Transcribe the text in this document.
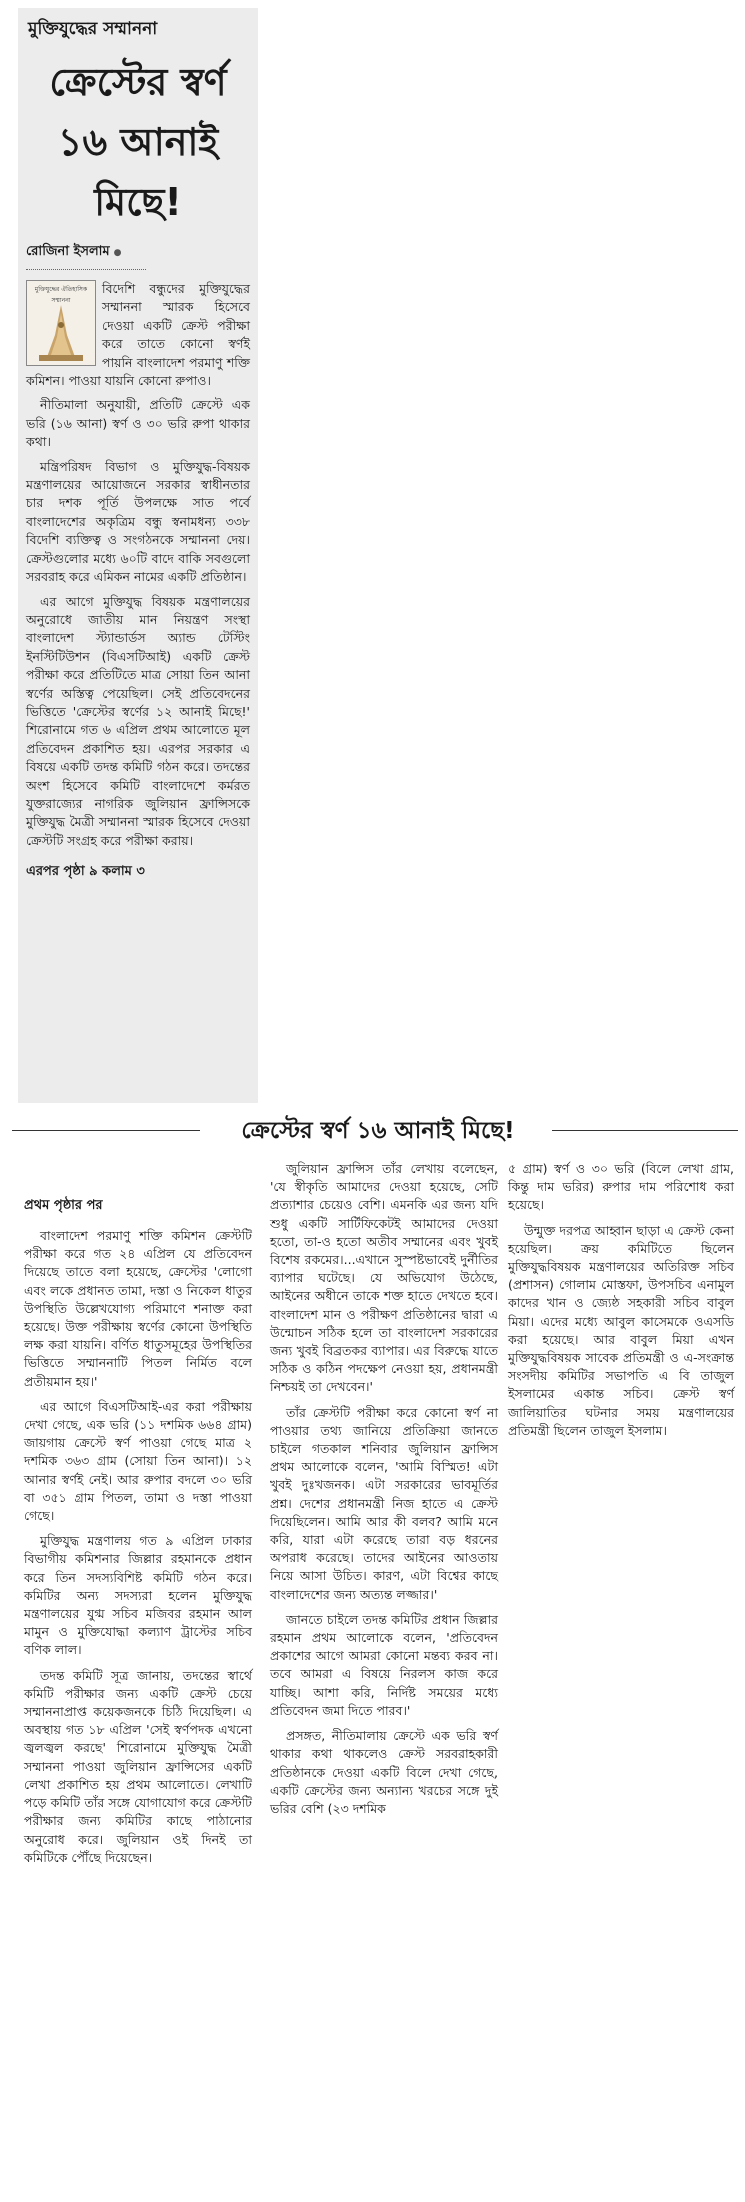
মুক্তিযুদ্ধের সম্মাননা
ক্রেস্টের স্বর্ণ
১৬ আনাই
মিছে!
রোজিনা ইসলাম ●
মুক্তিযুদ্ধের ঐতিহাসিক সম্মাননা

বিদেশি বন্ধুদের মুক্তিযুদ্ধের সম্মাননা স্মারক হিসেবে দেওয়া একটি ক্রেস্ট পরীক্ষা করে তাতে কোনো স্বর্ণই পায়নি বাংলাদেশ পরমাণু শক্তি কমিশন। পাওয়া যায়নি কোনো রুপাও।

নীতিমালা অনুযায়ী, প্রতিটি ক্রেস্টে এক ভরি (১৬ আনা) স্বর্ণ ও ৩০ ভরি রুপা থাকার কথা।

মন্ত্রিপরিষদ বিভাগ ও মুক্তিযুদ্ধ-বিষয়ক মন্ত্রণালয়ের আয়োজনে সরকার স্বাধীনতার চার দশক পূর্তি উপলক্ষে সাত পর্বে বাংলাদেশের অকৃত্রিম বন্ধু স্বনামধন্য ৩৩৮ বিদেশি ব্যক্তিত্ব ও সংগঠনকে সম্মাননা দেয়। ক্রেস্টগুলোর মধ্যে ৬০টি বাদে বাকি সবগুলো সরবরাহ করে এমিকন নামের একটি প্রতিষ্ঠান।

এর আগে মুক্তিযুদ্ধ বিষয়ক মন্ত্রণালয়ের অনুরোধে জাতীয় মান নিয়ন্ত্রণ সংস্থা বাংলাদেশ স্ট্যান্ডার্ডস অ্যান্ড টেস্টিং ইনস্টিটিউশন (বিএসটিআই) একটি ক্রেস্ট পরীক্ষা করে প্রতিটিতে মাত্র সোয়া তিন আনা স্বর্ণের অস্তিত্ব পেয়েছিল। সেই প্রতিবেদনের ভিত্তিতে 'ক্রেস্টের স্বর্ণের ১২ আনাই মিছে!' শিরোনামে গত ৬ এপ্রিল প্রথম আলোতে মূল প্রতিবেদন প্রকাশিত হয়। এরপর সরকার এ বিষয়ে একটি তদন্ত কমিটি গঠন করে। তদন্তের অংশ হিসেবে কমিটি বাংলাদেশে কর্মরত যুক্তরাজ্যের নাগরিক জুলিয়ান ফ্রান্সিসকে মুক্তিযুদ্ধ মৈত্রী সম্মাননা স্মারক হিসেবে দেওয়া ক্রেস্টটি সংগ্রহ করে পরীক্ষা করায়।

এরপর পৃষ্ঠা ৯ কলাম ৩
ক্রেস্টের স্বর্ণ ১৬ আনাই মিছে!
প্রথম পৃষ্ঠার পর

বাংলাদেশ পরমাণু শক্তি কমিশন ক্রেস্টটি পরীক্ষা করে গত ২৪ এপ্রিল যে প্রতিবেদন দিয়েছে তাতে বলা হয়েছে, ক্রেস্টের 'লোগো এবং লকে প্রধানত তামা, দস্তা ও নিকেল ধাতুর উপস্থিতি উল্লেখযোগ্য পরিমাণে শনাক্ত করা হয়েছে। উক্ত পরীক্ষায় স্বর্ণের কোনো উপস্থিতি লক্ষ করা যায়নি। বর্ণিত ধাতুসমূহের উপস্থিতির ভিত্তিতে সম্মাননাটি পিতল নির্মিত বলে প্রতীয়মান হয়।'

এর আগে বিএসটিআই-এর করা পরীক্ষায় দেখা গেছে, এক ভরি (১১ দশমিক ৬৬৪ গ্রাম) জায়গায় ক্রেস্টে স্বর্ণ পাওয়া গেছে মাত্র ২ দশমিক ৩৬৩ গ্রাম (সোয়া তিন আনা)। ১২ আনার স্বর্ণই নেই। আর রুপার বদলে ৩০ ভরি বা ৩৫১ গ্রাম পিতল, তামা ও দস্তা পাওয়া গেছে।

মুক্তিযুদ্ধ মন্ত্রণালয় গত ৯ এপ্রিল ঢাকার বিভাগীয় কমিশনার জিল্লার রহমানকে প্রধান করে তিন সদস্যবিশিষ্ট কমিটি গঠন করে। কমিটির অন্য সদস্যরা হলেন মুক্তিযুদ্ধ মন্ত্রণালয়ের যুগ্ম সচিব মজিবর রহমান আল মামুন ও মুক্তিযোদ্ধা কল্যাণ ট্রাস্টের সচিব বণিক লাল।

তদন্ত কমিটি সূত্র জানায়, তদন্তের স্বার্থে কমিটি পরীক্ষার জন্য একটি ক্রেস্ট চেয়ে সম্মাননাপ্রাপ্ত কয়েকজনকে চিঠি দিয়েছিল। এ অবস্থায় গত ১৮ এপ্রিল 'সেই স্বর্ণপদক এখনো জ্বলজ্বল করছে' শিরোনামে মুক্তিযুদ্ধ মৈত্রী সম্মাননা পাওয়া জুলিয়ান ফ্রান্সিসের একটি লেখা প্রকাশিত হয় প্রথম আলোতে। লেখাটি পড়ে কমিটি তাঁর সঙ্গে যোগাযোগ করে ক্রেস্টটি পরীক্ষার জন্য কমিটির কাছে পাঠানোর অনুরোধ করে। জুলিয়ান ওই দিনই তা কমিটিকে পৌঁছে দিয়েছেন।

জুলিয়ান ফ্রান্সিস তাঁর লেখায় বলেছেন, 'যে স্বীকৃতি আমাদের দেওয়া হয়েছে, সেটি প্রত্যাশার চেয়েও বেশি। এমনকি এর জন্য যদি শুধু একটি সার্টিফিকেটই আমাদের দেওয়া হতো, তা-ও হতো অতীব সম্মানের এবং খুবই বিশেষ রকমের।...এখানে সুস্পষ্টভাবেই দুর্নীতির ব্যাপার ঘটেছে। যে অভিযোগ উঠেছে, আইনের অধীনে তাকে শক্ত হাতে দেখতে হবে। বাংলাদেশ মান ও পরীক্ষণ প্রতিষ্ঠানের দ্বারা এ উন্মোচন সঠিক হলে তা বাংলাদেশ সরকারের জন্য খুবই বিব্রতকর ব্যাপার। এর বিরুদ্ধে যাতে সঠিক ও কঠিন পদক্ষেপ নেওয়া হয়, প্রধানমন্ত্রী নিশ্চয়ই তা দেখবেন।'

তাঁর ক্রেস্টটি পরীক্ষা করে কোনো স্বর্ণ না পাওয়ার তথ্য জানিয়ে প্রতিক্রিয়া জানতে চাইলে গতকাল শনিবার জুলিয়ান ফ্রান্সিস প্রথম আলোকে বলেন, 'আমি বিস্মিত! এটা খুবই দুঃখজনক। এটা সরকারের ভাবমূর্তির প্রশ্ন। দেশের প্রধানমন্ত্রী নিজ হাতে এ ক্রেস্ট দিয়েছিলেন। আমি আর কী বলব? আমি মনে করি, যারা এটা করেছে তারা বড় ধরনের অপরাধ করেছে। তাদের আইনের আওতায় নিয়ে আসা উচিত। কারণ, এটা বিশ্বের কাছে বাংলাদেশের জন্য অত্যন্ত লজ্জার।'

জানতে চাইলে তদন্ত কমিটির প্রধান জিল্লার রহমান প্রথম আলোকে বলেন, 'প্রতিবেদন প্রকাশের আগে আমরা কোনো মন্তব্য করব না। তবে আমরা এ বিষয়ে নিরলস কাজ করে যাচ্ছি। আশা করি, নির্দিষ্ট সময়ের মধ্যে প্রতিবেদন জমা দিতে পারব।'

প্রসঙ্গত, নীতিমালায় ক্রেস্টে এক ভরি স্বর্ণ থাকার কথা থাকলেও ক্রেস্ট সরবরাহকারী প্রতিষ্ঠানকে দেওয়া একটি বিলে দেখা গেছে, একটি ক্রেস্টের জন্য অন্যান্য খরচের সঙ্গে দুই ভরির বেশি (২৩ দশমিক

৫ গ্রাম) স্বর্ণ ও ৩০ ভরি (বিলে লেখা গ্রাম, কিন্তু দাম ভরির) রুপার দাম পরিশোধ করা হয়েছে।

উন্মুক্ত দরপত্র আহ্বান ছাড়া এ ক্রেস্ট কেনা হয়েছিল। ক্রয় কমিটিতে ছিলেন মুক্তিযুদ্ধবিষয়ক মন্ত্রণালয়ের অতিরিক্ত সচিব (প্রশাসন) গোলাম মোস্তফা, উপসচিব এনামুল কাদের খান ও জ্যেষ্ঠ সহকারী সচিব বাবুল মিয়া। এদের মধ্যে আবুল কাসেমকে ওএসডি করা হয়েছে। আর বাবুল মিয়া এখন মুক্তিযুদ্ধবিষয়ক সাবেক প্রতিমন্ত্রী ও এ-সংক্রান্ত সংসদীয় কমিটির সভাপতি এ বি তাজুল ইসলামের একান্ত সচিব। ক্রেস্ট স্বর্ণ জালিয়াতির ঘটনার সময় মন্ত্রণালয়ের প্রতিমন্ত্রী ছিলেন তাজুল ইসলাম।
